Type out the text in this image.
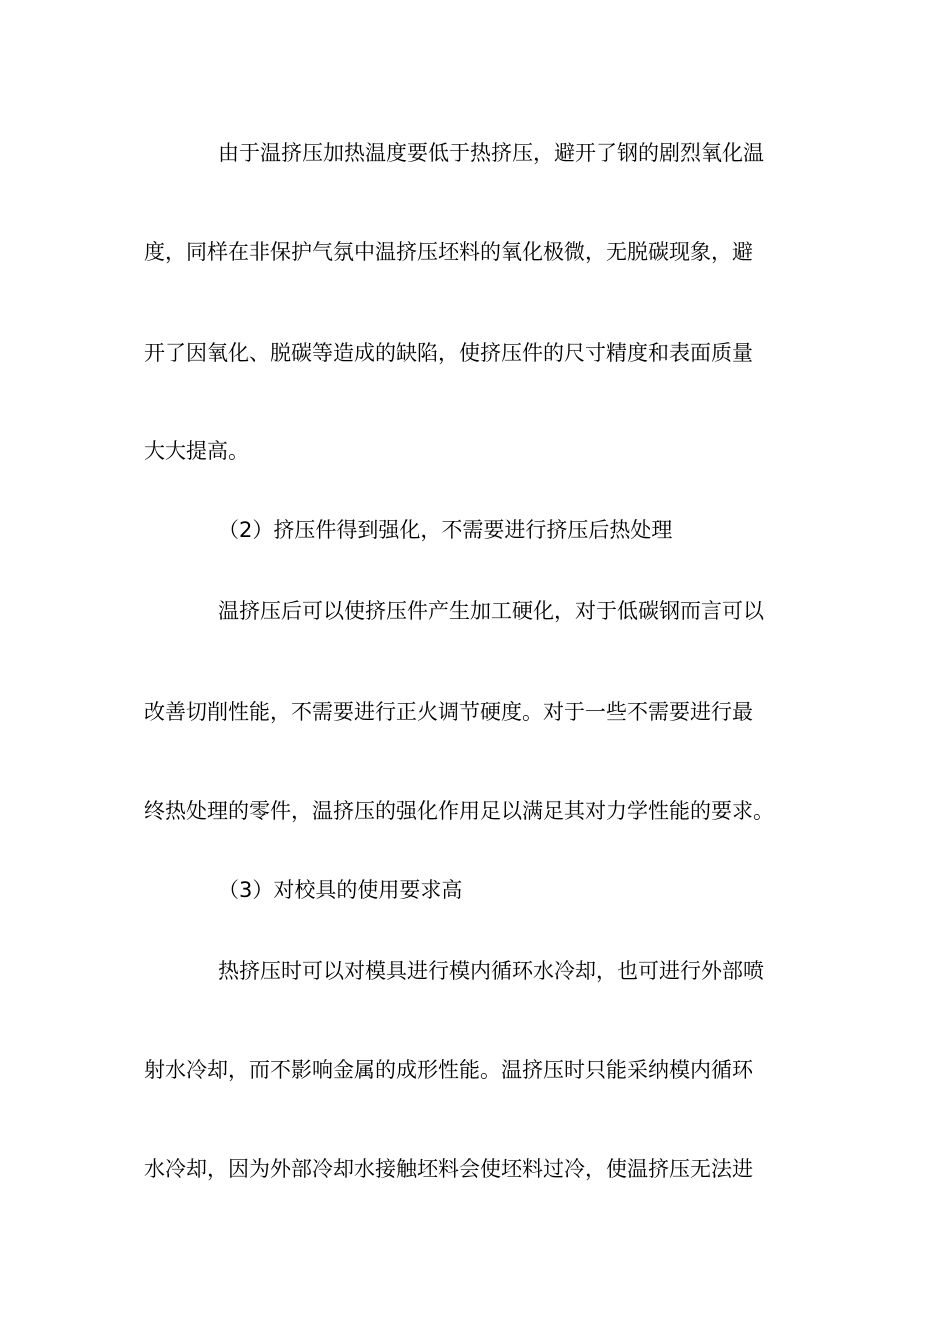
由于温挤压加热温度要低于热挤压，避开了钢的剧烈氧化温
度，同样在非保护气氛中温挤压坯料的氧化极微，无脱碳现象，避
开了因氧化、脱碳等造成的缺陷，使挤压件的尺寸精度和表面质量
大大提高。
（2）挤压件得到强化，不需要进行挤压后热处理
温挤压后可以使挤压件产生加工硬化，对于低碳钢而言可以
改善切削性能，不需要进行正火调节硬度。对于一些不需要进行最
终热处理的零件，温挤压的强化作用足以满足其对力学性能的要求。
（3）对校具的使用要求高
热挤压时可以对模具进行模内循环水冷却，也可进行外部喷
射水冷却，而不影响金属的成形性能。温挤压时只能采纳模内循环
水冷却，因为外部冷却水接触坯料会使坯料过冷，使温挤压无法进
